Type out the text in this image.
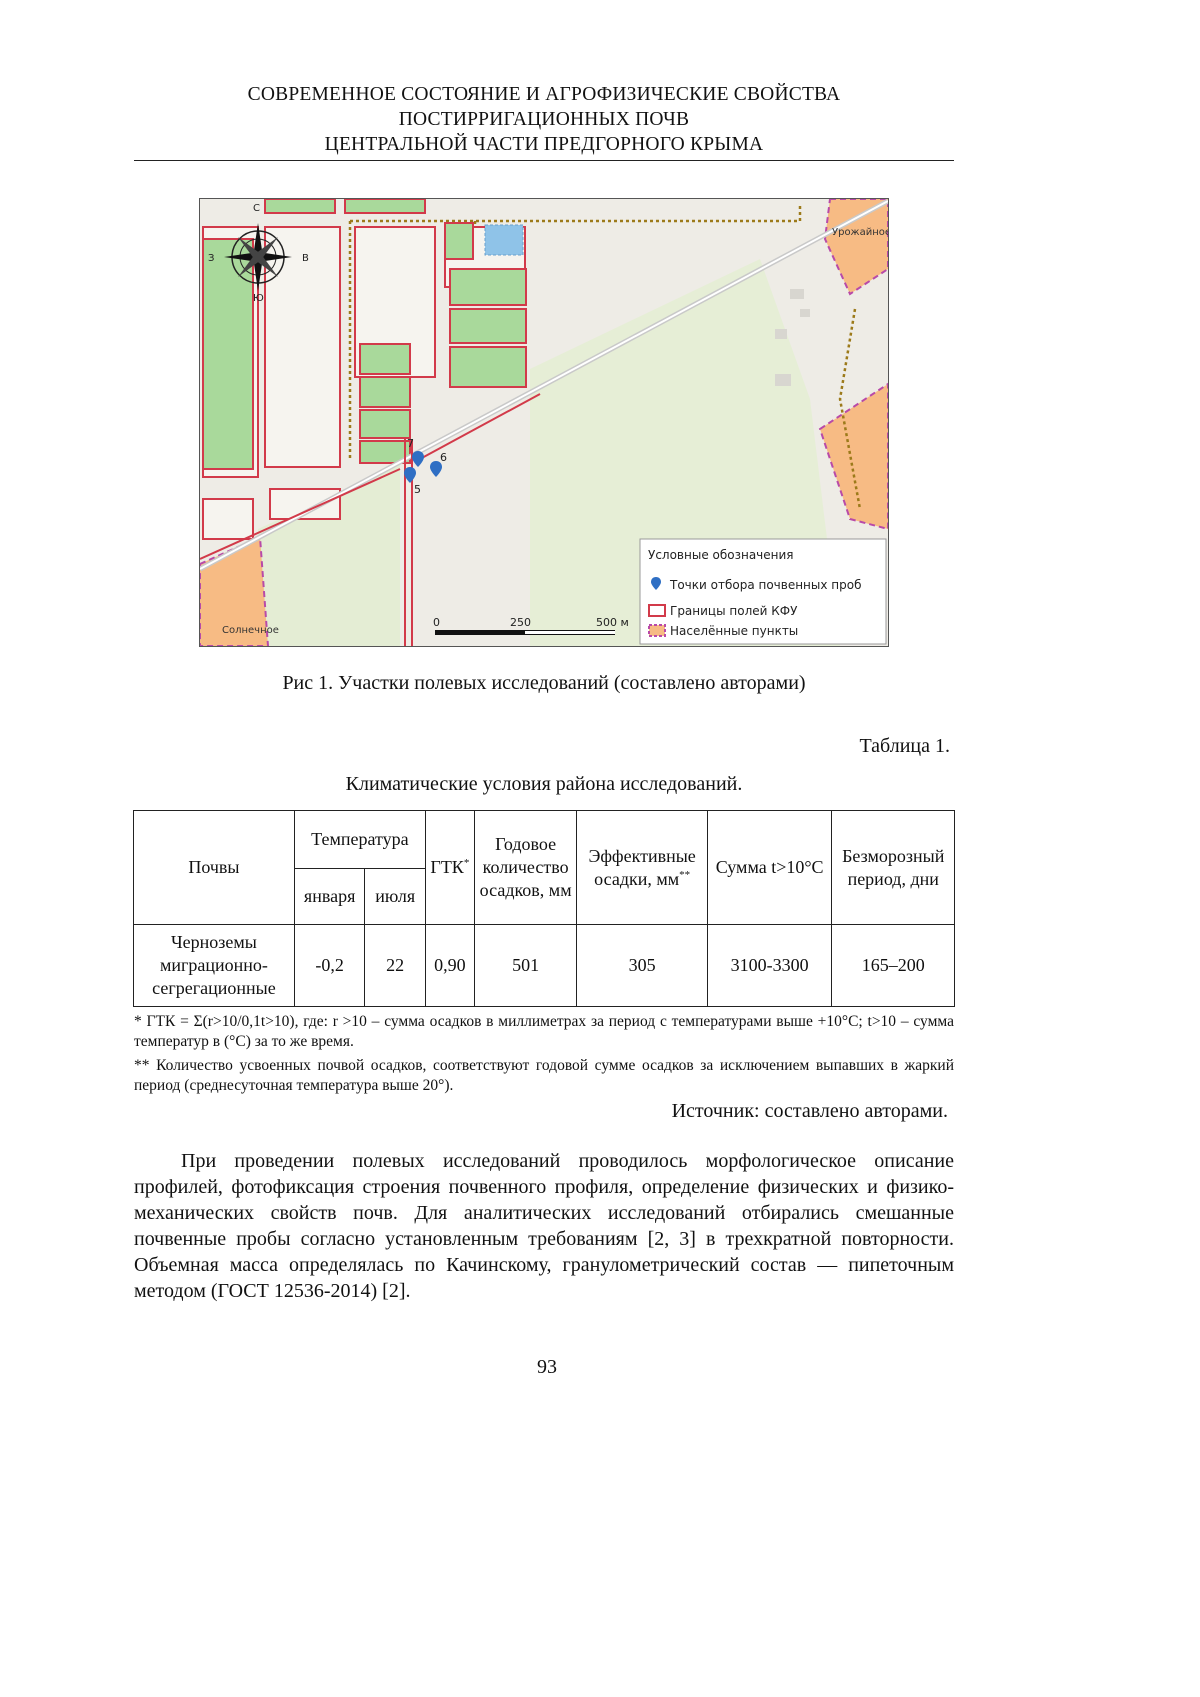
СОВРЕМЕННОЕ СОСТОЯНИЕ И АГРОФИЗИЧЕСКИЕ СВОЙСТВА
ПОСТИРРИГАЦИОННЫХ ПОЧВ
ЦЕНТРАЛЬНОЙ ЧАСТИ ПРЕДГОРНОГО КРЫМА
С
Ю
З	В
Урожайное
Солнечное
7
6
5
0	250	500 м
Условные обозначения
Точки отбора почвенных проб
Границы полей КФУ
Населённые пункты
Рис 1. Участки полевых исследований (составлено авторами)
Таблица 1.
Климатические условия района исследований.
Почвы	Температура	ГТК*	Годовое количество осадков, мм	Эффективные осадки, мм**	Сумма t>10°С	Безморозный период, дни
января	июля
Черноземы миграционно-сегрегационные	-0,2	22	0,90	501	305	3100-3300	165–200
* ГТК = Σ(r>10/0,1t>10), где: r >10 – сумма осадков в миллиметрах за период с температурами выше +10°С; t>10 – сумма температур в (°С) за то же время.
** Количество усвоенных почвой осадков, соответствуют годовой сумме осадков за исключением выпавших в жаркий период (среднесуточная температура выше 20°).
Источник: составлено авторами.
При проведении полевых исследований проводилось морфологическое описание профилей, фотофиксация строения почвенного профиля, определение физических и физико-механических свойств почв. Для аналитических исследований отбирались смешанные почвенные пробы согласно установленным требованиям [2, 3] в трехкратной повторности. Объемная масса определялась по Качинскому, гранулометрический состав — пипеточным методом (ГОСТ 12536-2014) [2].
93
